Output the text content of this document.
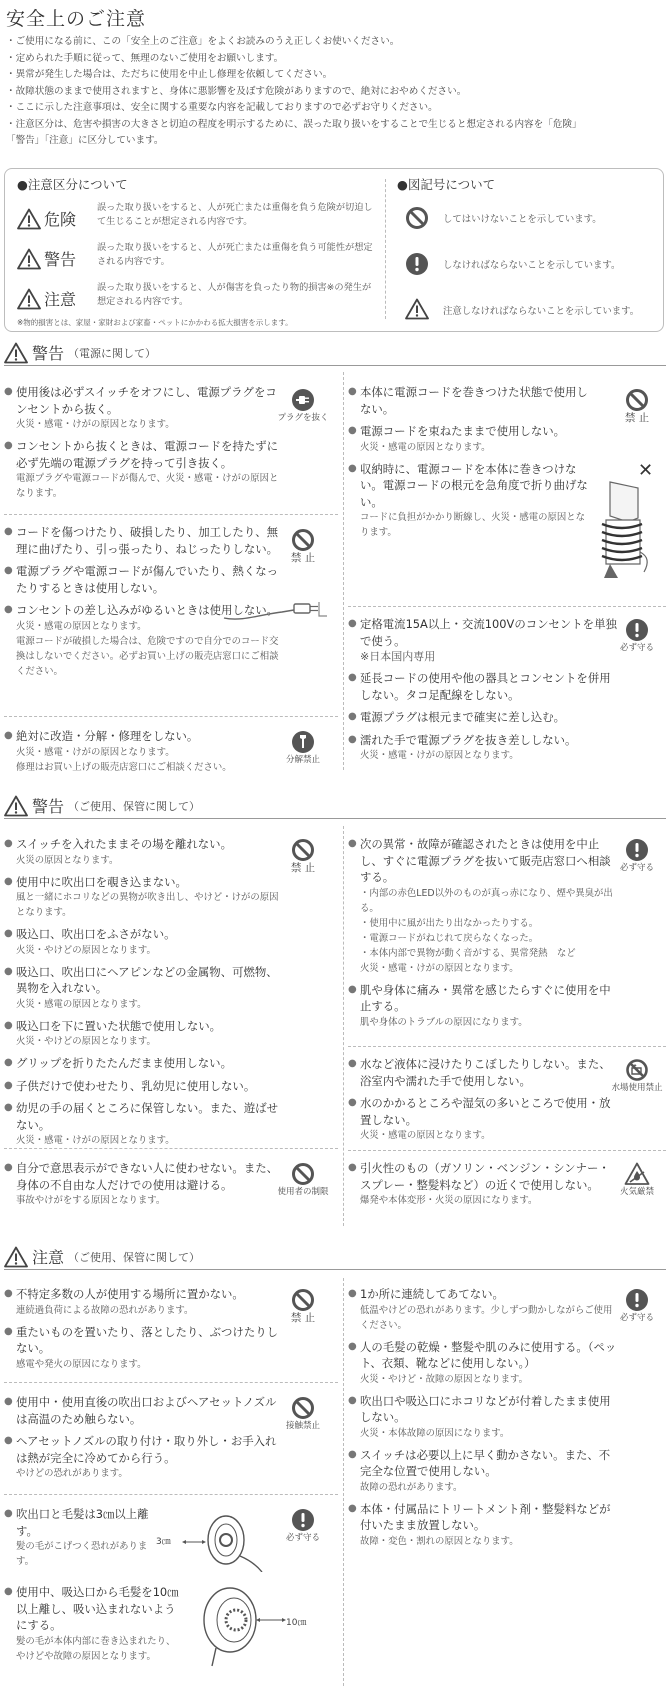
安全上のご注意
・ ご使用になる前に、この「安全上のご注意」をよくお読みのうえ正しくお使いください。
・ 定められた手順に従って、無理のないご使用をお願いします。
・ 異常が発生した場合は、ただちに使用を中止し修理を依頼してください。
・ 故障状態のままで使用されますと、身体に悪影響を及ぼす危険がありますので、絶対におやめください。
・ ここに示した注意事項は、安全に関する重要な内容を記載しておりますので必ずお守りください。
・ 注意区分は、危害や損害の大きさと切迫の程度を明示するために、誤った取り扱いをすることで生じると想定される内容を「危険」
「警告」「注意」に区分しています。
●注意区分について
危険
誤った取り扱いをすると、人が死亡または重傷を負う危険が切迫して生じることが想定される内容です。
警告
誤った取り扱いをすると、人が死亡または重傷を負う可能性が想定される内容です。
注意
誤った取り扱いをすると、人が傷害を負ったり物的損害※の発生が想定される内容です。
※物的損害とは、家屋・家財および家畜・ペットにかかわる拡大損害を示します。
●図記号について
してはいけないことを示しています。
しなければならないことを示しています。
注意しなければならないことを示しています。
警告 （電源に関して）
● 使用後は必ずスイッチをオフにし、電源プラグをコンセントから抜く。
火災・感電・けがの原因となります。
● コンセントから抜くときは、電源コードを持たずに必ず先端の電源プラグを持って引き抜く。
電源プラグや電源コードが傷んで、火災・感電・けがの原因となります。
プラグを抜く
● コードを傷つけたり、破損したり、加工したり、無理に曲げたり、引っ張ったり、ねじったりしない。
● 電源プラグや電源コードが傷んでいたり、熱くなったりするときは使用しない。
● コンセントの差し込みがゆるいときは使用しない。
火災・感電の原因となります。
電源コードが破損した場合は、危険ですので自分でのコード交換はしないでください。必ずお買い上げの販売店窓口にご相談ください。
禁 止
● 絶対に改造・分解・修理をしない。
火災・感電・けがの原因となります。
修理はお買い上げの販売店窓口にご相談ください。
分解禁止
● 本体に電源コードを巻きつけた状態で使用しない。
● 電源コードを束ねたままで使用しない。
火災・感電の原因となります。
● 収納時に、電源コードを本体に巻きつけない。電源コードの根元を急角度で折り曲げない。
コードに負担がかかり断線し、火災・感電の原因となります。
禁 止
✕
● 定格電流15A以上・交流100Vのコンセントを単独で使う。
※日本国内専用
● 延長コードの使用や他の器具とコンセントを併用しない。タコ足配線をしない。
● 電源プラグは根元まで確実に差し込む。
● 濡れた手で電源プラグを抜き差ししない。
火災・感電・けがの原因となります。
必ず守る
警告 （ご使用、保管に関して）
● スイッチを入れたままその場を離れない。
火災の原因となります。
● 使用中に吹出口を覗き込まない。
風と一緒にホコリなどの異物が吹き出し、やけど・けがの原因となります。
● 吸込口、吹出口をふさがない。
火災・やけどの原因となります。
● 吸込口、吹出口にヘアピンなどの金属物、可燃物、異物を入れない。
火災・感電の原因となります。
● 吸込口を下に置いた状態で使用しない。
火災・やけどの原因となります。
● グリップを折りたたんだまま使用しない。
● 子供だけで使わせたり、乳幼児に使用しない。
● 幼児の手の届くところに保管しない。また、遊ばせない。
火災・感電・けがの原因となります。
禁 止
● 自分で意思表示ができない人に使わせない。また、身体の不自由な人だけでの使用は避ける。
事故やけがをする原因となります。
使用者の制限
● 次の異常・故障が確認されたときは使用を中止し、すぐに電源プラグを抜いて販売店窓口へ相談する。
・内部の赤色LED以外のものが真っ赤になり、煙や異臭が出る。
・使用中に風が出たり出なかったりする。
・電源コードがねじれて戻らなくなった。
・本体内部で異物が動く音がする、異常発熱　など
火災・感電・けがの原因となります。
● 肌や身体に痛み・異常を感じたらすぐに使用を中止する。
肌や身体のトラブルの原因になります。
必ず守る
● 水など液体に浸けたりこぼしたりしない。また、浴室内や濡れた手で使用しない。
● 水のかかるところや湿気の多いところで使用・放置しない。
火災・感電の原因となります。
水場使用禁止
● 引火性のもの（ガソリン・ベンジン・シンナー・スプレー・整髪料など）の近くで使用しない。
爆発や本体変形・火災の原因になります。
火気厳禁
注意 （ご使用、保管に関して）
● 不特定多数の人が使用する場所に置かない。
連続過負荷による故障の恐れがあります。
● 重たいものを置いたり、落としたり、ぶつけたりしない。
感電や発火の原因になります。
禁 止
● 使用中・使用直後の吹出口およびヘアセットノズルは高温のため触らない。
● ヘアセットノズルの取り付け・取り外し・お手入れは熱が完全に冷めてから行う。
やけどの恐れがあります。
接触禁止
● 吹出口と毛髪は3㎝以上離す。
髪の毛がこげつく恐れがあります。
必ず守る
3㎝
● 使用中、吸込口から毛髪を10㎝以上離し、吸い込まれないようにする。
髪の毛が本体内部に巻き込まれたり、やけどや故障の原因となります。
10㎝
● 1か所に連続してあてない。
低温やけどの恐れがあります。少しずつ動かしながらご使用ください。
● 人の毛髪の乾燥・整髪や肌のみに使用する。（ペット、衣類、靴などに使用しない。）
火災・やけど・故障の原因となります。
● 吹出口や吸込口にホコリなどが付着したまま使用しない。
火災・本体故障の原因になります。
● スイッチは必要以上に早く動かさない。また、不完全な位置で使用しない。
故障の恐れがあります。
● 本体・付属品にトリートメント剤・整髪料などが付いたまま放置しない。
故障・変色・割れの原因となります。
必ず守る
